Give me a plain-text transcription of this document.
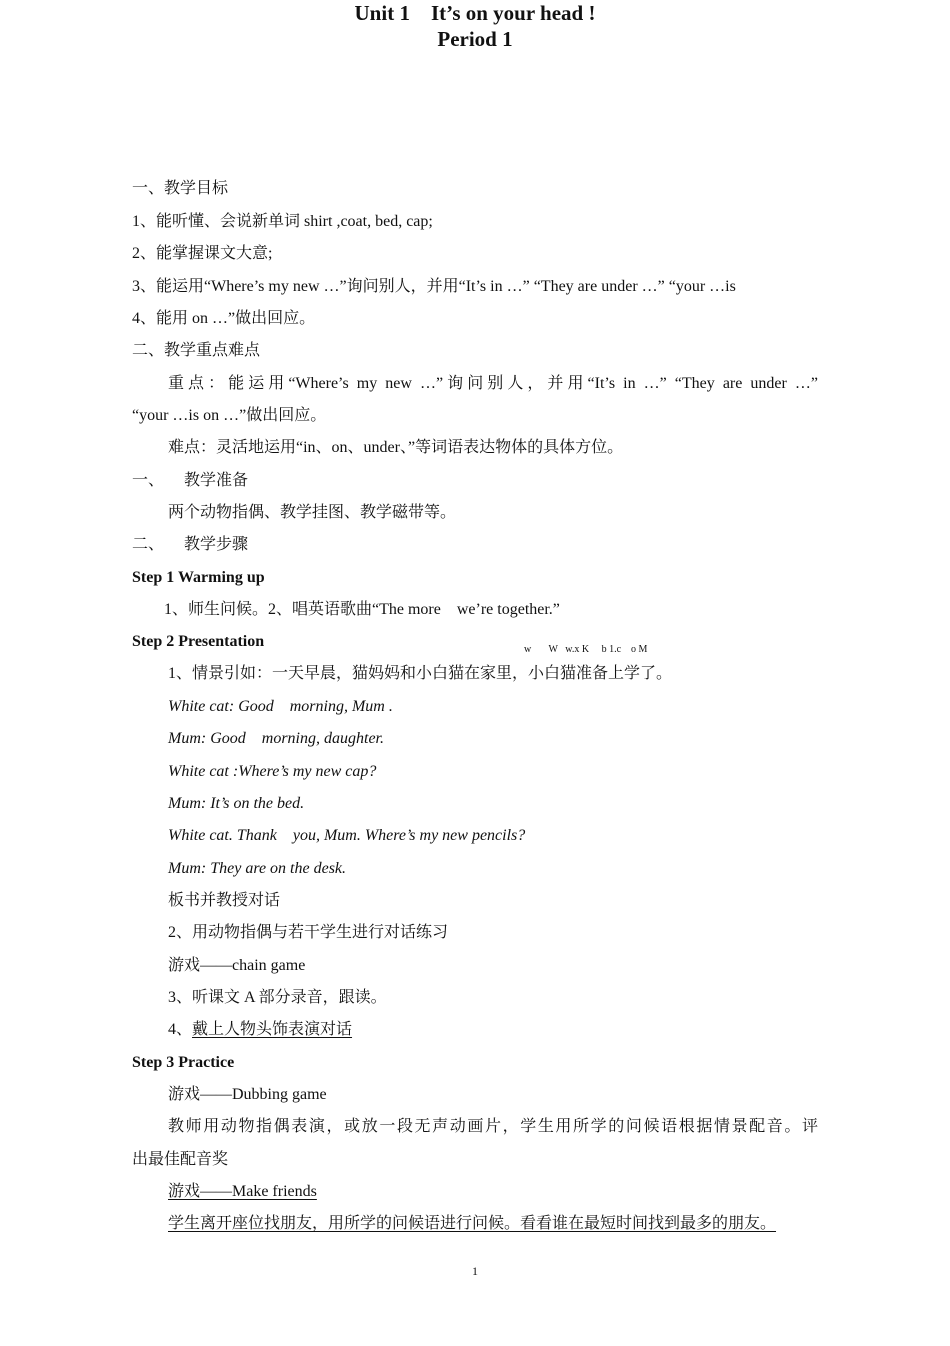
Unit 1    It’s on your head !
Period 1
一、教学目标
1、能听懂、会说新单词 shirt ,coat, bed, cap;
2、能掌握课文大意;
3、能运用“Where’s my new …”询问别人，并用“It’s in …” “They are under …” “your …is
4、能用 on …”做出回应。
二、教学重点难点
重点：能运用“Where’s my new …”询问别人，并用“It’s in …” “They are under …”
“your …is on …”做出回应。
难点：灵活地运用“in、on、under、”等词语表达物体的具体方位。
一、     教学准备
两个动物指偶、教学挂图、教学磁带等。
二、     教学步骤
Step 1 Warming up
1、师生问候。2、唱英语歌曲“The more    we’re together.”
Step 2 Presentation	w       W   w.x K     b 1.c    o M
1、情景引如：一天早晨，猫妈妈和小白猫在家里，小白猫准备上学了。
White cat: Good    morning, Mum .
Mum: Good    morning, daughter.
White cat :Where’s my new cap?
Mum: It’s on the bed.
White cat. Thank    you, Mum. Where’s my new pencils?
Mum: They are on the desk.
板书并教授对话
2、用动物指偶与若干学生进行对话练习
游戏——chain game
3、听课文 A 部分录音，跟读。
4、戴上人物头饰表演对话
Step 3 Practice
游戏——Dubbing game
教师用动物指偶表演，或放一段无声动画片，学生用所学的问候语根据情景配音。评
出最佳配音奖
游戏——Make friends
学生离开座位找朋友，用所学的问候语进行问候。看看谁在最短时间找到最多的朋友。
1
